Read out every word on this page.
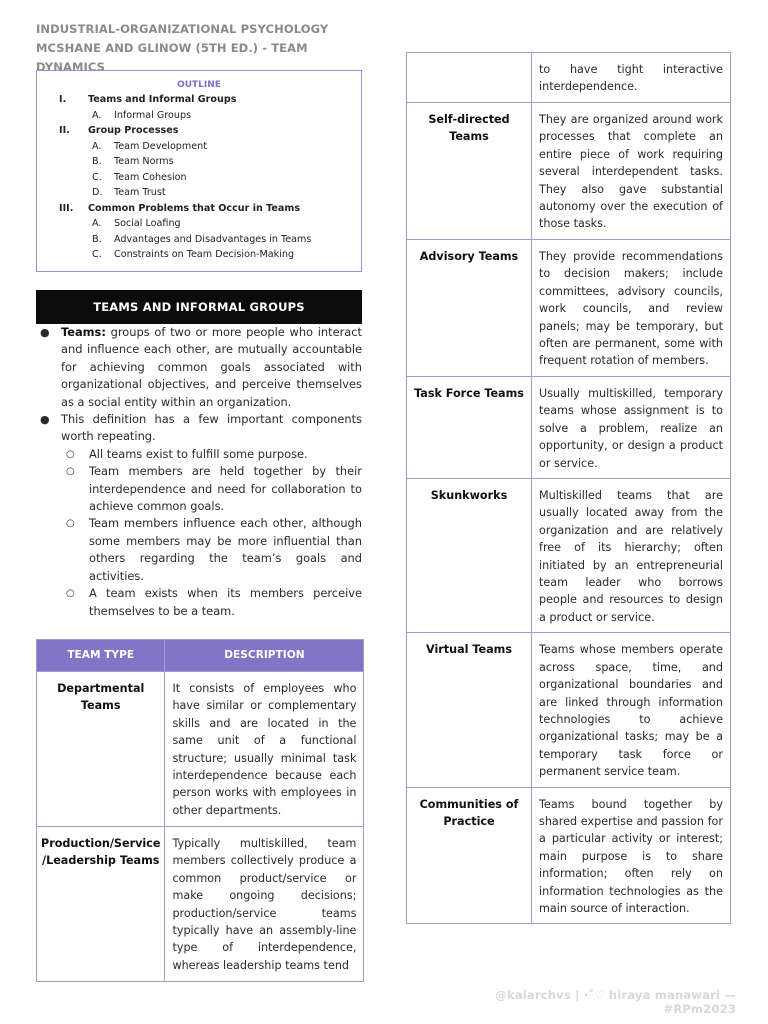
INDUSTRIAL-ORGANIZATIONAL PSYCHOLOGY
MCSHANE AND GLINOW (5TH ED.) - TEAM DYNAMICS
OUTLINE
I. Teams and Informal Groups
A. Informal Groups
II. Group Processes
A. Team Development
B. Team Norms
C. Team Cohesion
D. Team Trust
III. Common Problems that Occur in Teams
A. Social Loafing
B. Advantages and Disadvantages in Teams
C. Constraints on Team Decision-Making
TEAMS AND INFORMAL GROUPS
● Teams: groups of two or more people who interact and influence each other, are mutually accountable for achieving common goals associated with organizational objectives, and perceive themselves as a social entity within an organization.
● This definition has a few important components worth repeating.
○ All teams exist to fulfill some purpose.
○ Team members are held together by their interdependence and need for collaboration to achieve common goals.
○ Team members influence each other, although some members may be more influential than others regarding the team’s goals and activities.
○ A team exists when its members perceive themselves to be a team.
TEAM TYPE	DESCRIPTION
Departmental Teams	It consists of employees who have similar or complementary skills and are located in the same unit of a functional structure; usually minimal task interdependence because each person works with employees in other departments.
Production/Service /Leadership Teams	Typically multiskilled, team members collectively produce a common product/service or make ongoing decisions; production/service teams typically have an assembly-line type of interdependence, whereas leadership teams tend
	to have tight interactive interdependence.
Self-directed Teams	They are organized around work processes that complete an entire piece of work requiring several interdependent tasks. They also gave substantial autonomy over the execution of those tasks.
Advisory Teams	They provide recommendations to decision makers; include committees, advisory councils, work councils, and review panels; may be temporary, but often are permanent, some with frequent rotation of members.
Task Force Teams	Usually multiskilled, temporary teams whose assignment is to solve a problem, realize an opportunity, or design a product or service.
Skunkworks	Multiskilled teams that are usually located away from the organization and are relatively free of its hierarchy; often initiated by an entrepreneurial team leader who borrows people and resources to design a product or service.
Virtual Teams	Teams whose members operate across space, time, and organizational boundaries and are linked through information technologies to achieve organizational tasks; may be a temporary task force or permanent service team.
Communities of Practice	Teams bound together by shared expertise and passion for a particular activity or interest; main purpose is to share information; often rely on information technologies as the main source of interaction.
@kaiarchvs | ·˚♡ hiraya manawari — #RPm2023
